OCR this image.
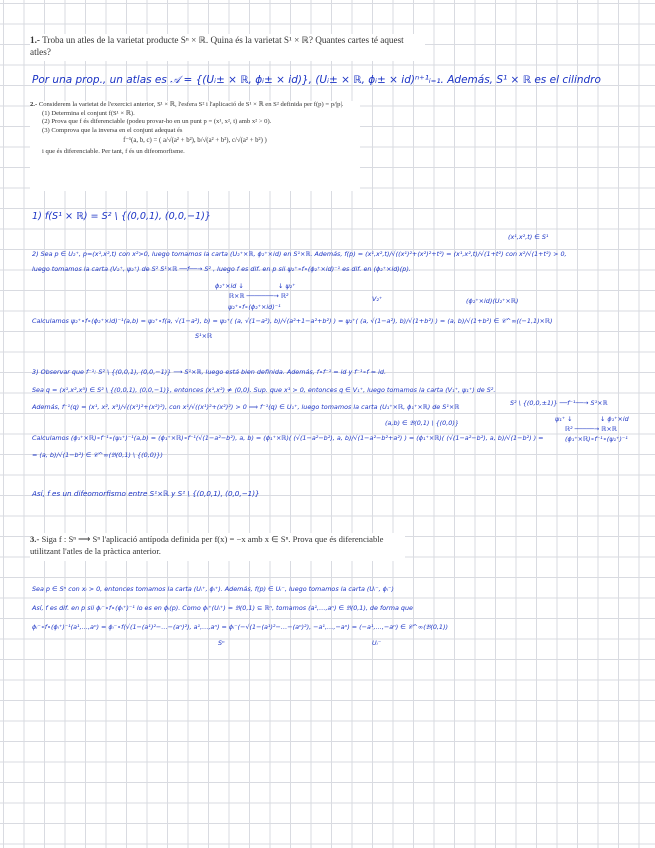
1.- Troba un atles de la varietat producte Sⁿ × ℝ. Quina és la varietat S¹ × ℝ? Quantes cartes té aquest atles?
Por una prop., un atlas es 𝒜 = {(Uᵢ± × ℝ, ϕᵢ± × id)}, (Uᵢ± × ℝ, ϕᵢ± × id)ⁿ⁺¹ᵢ₌₁. Además, S¹ × ℝ es el cilindro
2.- Considerem la varietat de l'exercici anterior, S¹ × ℝ, l'esfera S² i l'aplicació de S¹ × ℝ en S² definida per f(p) = p/|p|.
(1) Determina el conjunt f(S¹ × ℝ).
(2) Prova que f és diferenciable (podeu provar-ho en un punt p = (x¹, x², t) amb x² > 0).
(3) Comprova que la inversa en el conjunt adequat és
f⁻¹(a, b, c) = ( a/√(a² + b²), b/√(a² + b²), c/√(a² + b²) )
i que és diferenciable. Per tant, f és un difeomorfisme.
1) f(S¹ × ℝ) = S² \ {(0,0,1), (0,0,−1)}
(x¹,x²,t) ∈ S¹
2) Sea p ∈ U₂⁺, p=(x¹,x²,t) con x²>0, luego tomamos la carta (U₂⁺×ℝ, ϕ₂⁺×id) en S¹×ℝ. Además, f(p) = (x¹,x²,t)/√((x¹)²+(x²)²+t²) = (x¹,x²,t)/√(1+t²) con x²/√(1+t²) > 0,
luego tomamos la carta (V₂⁺, ψ₂⁺) de S² S¹×ℝ ──f──→ S² , luego f es dif. en p sii ψ₂⁺∘f∘(ϕ₂⁺×id)⁻¹ es dif. en (ϕ₂⁺×id)(p).
ϕ₂⁺×id ↓	↓ ψ₂⁺
ℝ×ℝ ───────→ ℝ²
ψ₂⁺∘f∘(ϕ₂⁺×id)⁻¹
V₂⁺	(ϕ₂⁺×id)(U₂⁺×ℝ)
Calculamos ψ₂⁺∘f∘(ϕ₂⁺×id)⁻¹(a,b) = ψ₂⁺∘f(a, √(1−a²), b) = ψ₂⁺( (a, √(1−a²), b)/√(a²+1−a²+b²) ) = ψ₂⁺( (a, √(1−a²), b)/√(1+b²) ) = (a, b)/√(1+b²) ∈ 𝒞^∞((−1,1)×ℝ)
S¹×ℝ
3) Observar que f⁻¹: S² \ {(0,0,1), (0,0,−1)} ⟶ S¹×ℝ, luego está bien definida. Además, f∘f⁻¹ = id y f⁻¹∘f = id.
Sea q = (x¹,x²,x³) ∈ S² \ {(0,0,1), (0,0,−1)}, entonces (x¹,x²) ≠ (0,0). Sup. que x¹ > 0, entonces q ∈ V₁⁺, luego tomamos la carta (V₁⁺, ψ₁⁺) de S².
Además, f⁻¹(q) = (x¹, x², x³)/√((x¹)²+(x²)²), con x¹/√((x¹)²+(x²)²) > 0 ⟹ f⁻¹(q) ∈ U₁⁺, luego tomamos la carta (U₁⁺×ℝ, ϕ₁⁺×ℝ) de S¹×ℝ	S² \ {(0,0,±1)} ──f⁻¹──→ S¹×ℝ
(a,b) ∈ 𝔅(0,1) \ {(0,0)}	ψ₁⁺ ↓	↓ ϕ₁⁺×id
ℝ² ─────→ ℝ×ℝ
(ϕ₁⁺×ℝ)∘f⁻¹∘(ψ₁⁺)⁻¹
Calculamos (ϕ₁⁺×ℝ)∘f⁻¹∘(ψ₁⁺)⁻¹(a,b) = (ϕ₁⁺×ℝ)∘f⁻¹(√(1−a²−b²), a, b) = (ϕ₁⁺×ℝ)( (√(1−a²−b²), a, b)/√(1−a²−b²+a²) ) = (ϕ₁⁺×ℝ)( (√(1−a²−b²), a, b)/√(1−b²) ) =
= (a, b)/√(1−b²) ∈ 𝒞^∞(𝔅(0,1) \ {(0,0)})
Así, f es un difeomorfismo entre S¹×ℝ y S² \ {(0,0,1), (0,0,−1)}
3.- Siga f : Sⁿ ⟶ Sⁿ l'aplicació antípoda definida per f(x) = −x amb x ∈ Sⁿ. Prova que és diferenciable utilitzant l'atles de la pràctica anterior.
Sea p ∈ Sⁿ con xᵢ > 0, entonces tomamos la carta (Uᵢ⁺, ϕᵢ⁺). Además, f(p) ∈ Uᵢ⁻, luego tomamos la carta (Uᵢ⁻, ϕᵢ⁻)
Así, f es dif. en p sii ϕᵢ⁻∘f∘(ϕᵢ⁺)⁻¹ lo es en ϕᵢ(p). Como ϕᵢ⁺(Uᵢ⁺) = 𝔅(0,1) ⊆ ℝⁿ, tomamos (a¹,…,aⁿ) ∈ 𝔅(0,1), de forma que
ϕᵢ⁻∘f∘(ϕᵢ⁺)⁻¹(a¹,…,aⁿ) = ϕᵢ⁻∘f(√(1−(a¹)²−…−(aⁿ)²), a¹,…,aⁿ) = ϕᵢ⁻(−√(1−(a¹)²−…−(aⁿ)²), −a¹,…,−aⁿ) = (−a¹,…,−aⁿ) ∈ 𝒞^∞(𝔅(0,1))
Sⁿ	Uᵢ⁻
